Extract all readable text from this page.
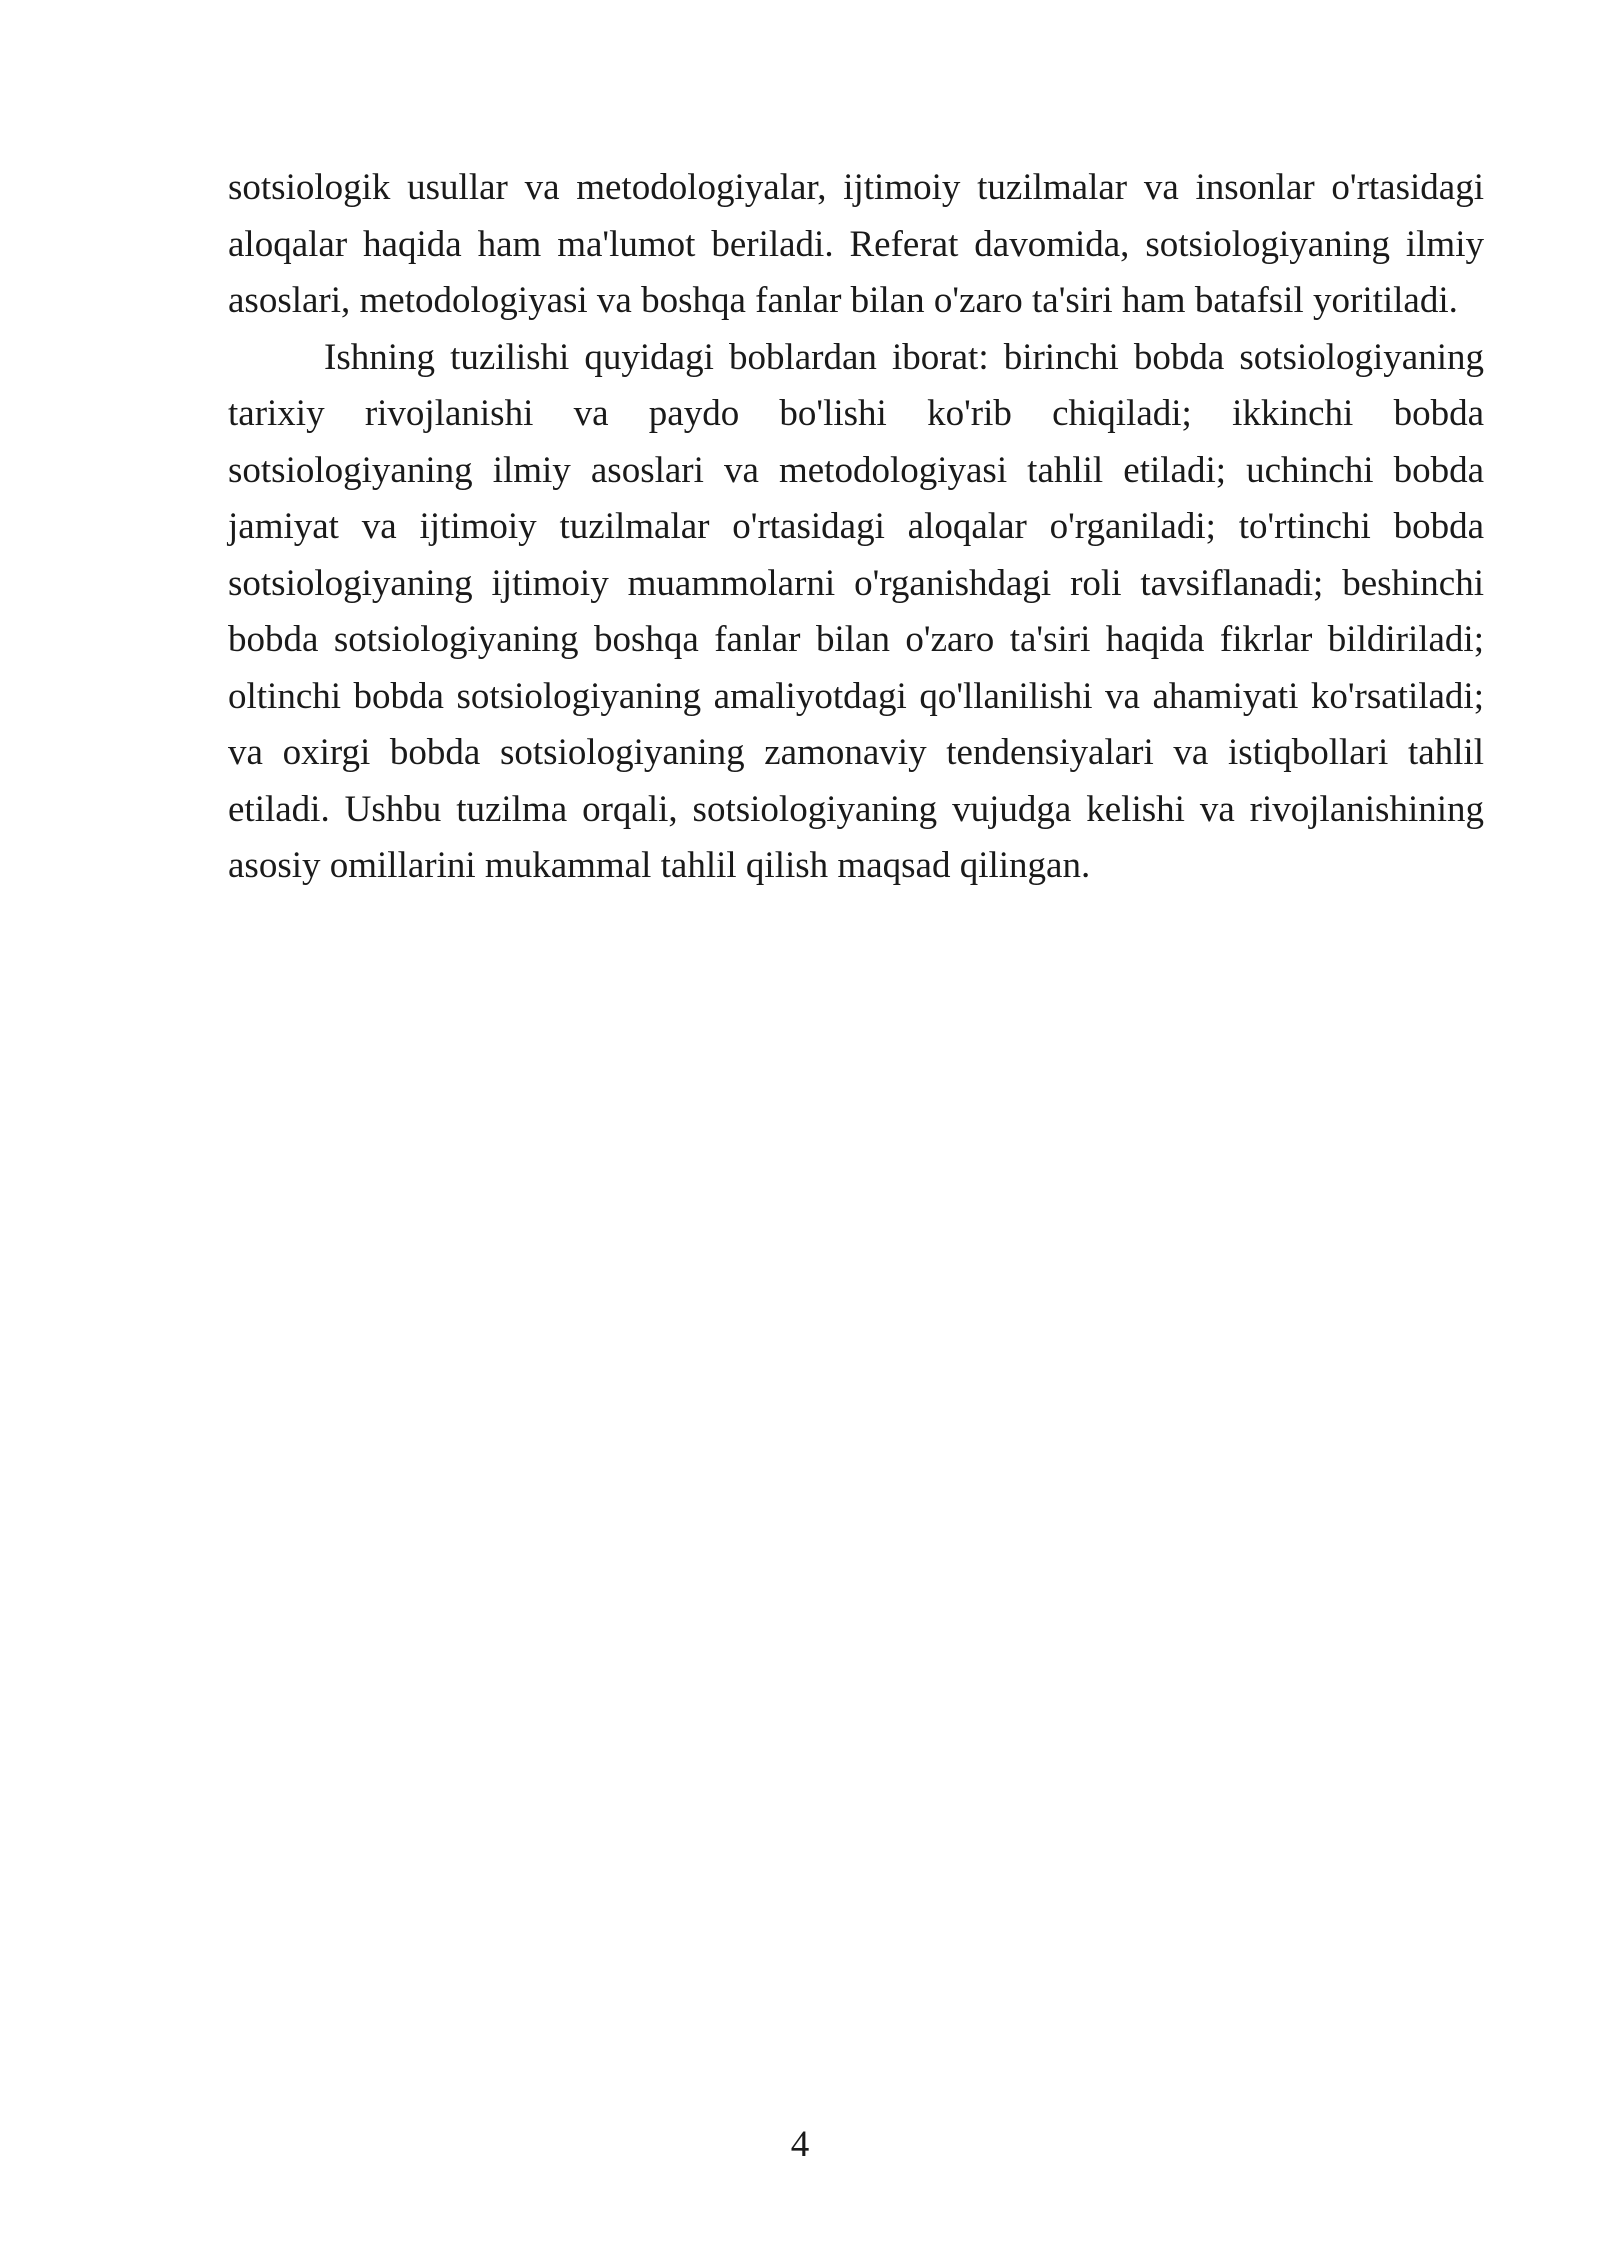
sotsiologik usullar va metodologiyalar, ijtimoiy tuzilmalar va insonlar o'rtasidagi aloqalar haqida ham ma'lumot beriladi. Referat davomida, sotsiologiyaning ilmiy asoslari, metodologiyasi va boshqa fanlar bilan o'zaro ta'siri ham batafsil yoritiladi.

Ishning tuzilishi quyidagi boblardan iborat: birinchi bobda sotsiologiyaning tarixiy rivojlanishi va paydo bo'lishi ko'rib chiqiladi; ikkinchi bobda sotsiologiyaning ilmiy asoslari va metodologiyasi tahlil etiladi; uchinchi bobda jamiyat va ijtimoiy tuzilmalar o'rtasidagi aloqalar o'rganiladi; to'rtinchi bobda sotsiologiyaning ijtimoiy muammolarni o'rganishdagi roli tavsiflanadi; beshinchi bobda sotsiologiyaning boshqa fanlar bilan o'zaro ta'siri haqida fikrlar bildiriladi; oltinchi bobda sotsiologiyaning amaliyotdagi qo'llanilishi va ahamiyati ko'rsatiladi; va oxirgi bobda sotsiologiyaning zamonaviy tendensiyalari va istiqbollari tahlil etiladi. Ushbu tuzilma orqali, sotsiologiyaning vujudga kelishi va rivojlanishining asosiy omillarini mukammal tahlil qilish maqsad qilingan.

4
